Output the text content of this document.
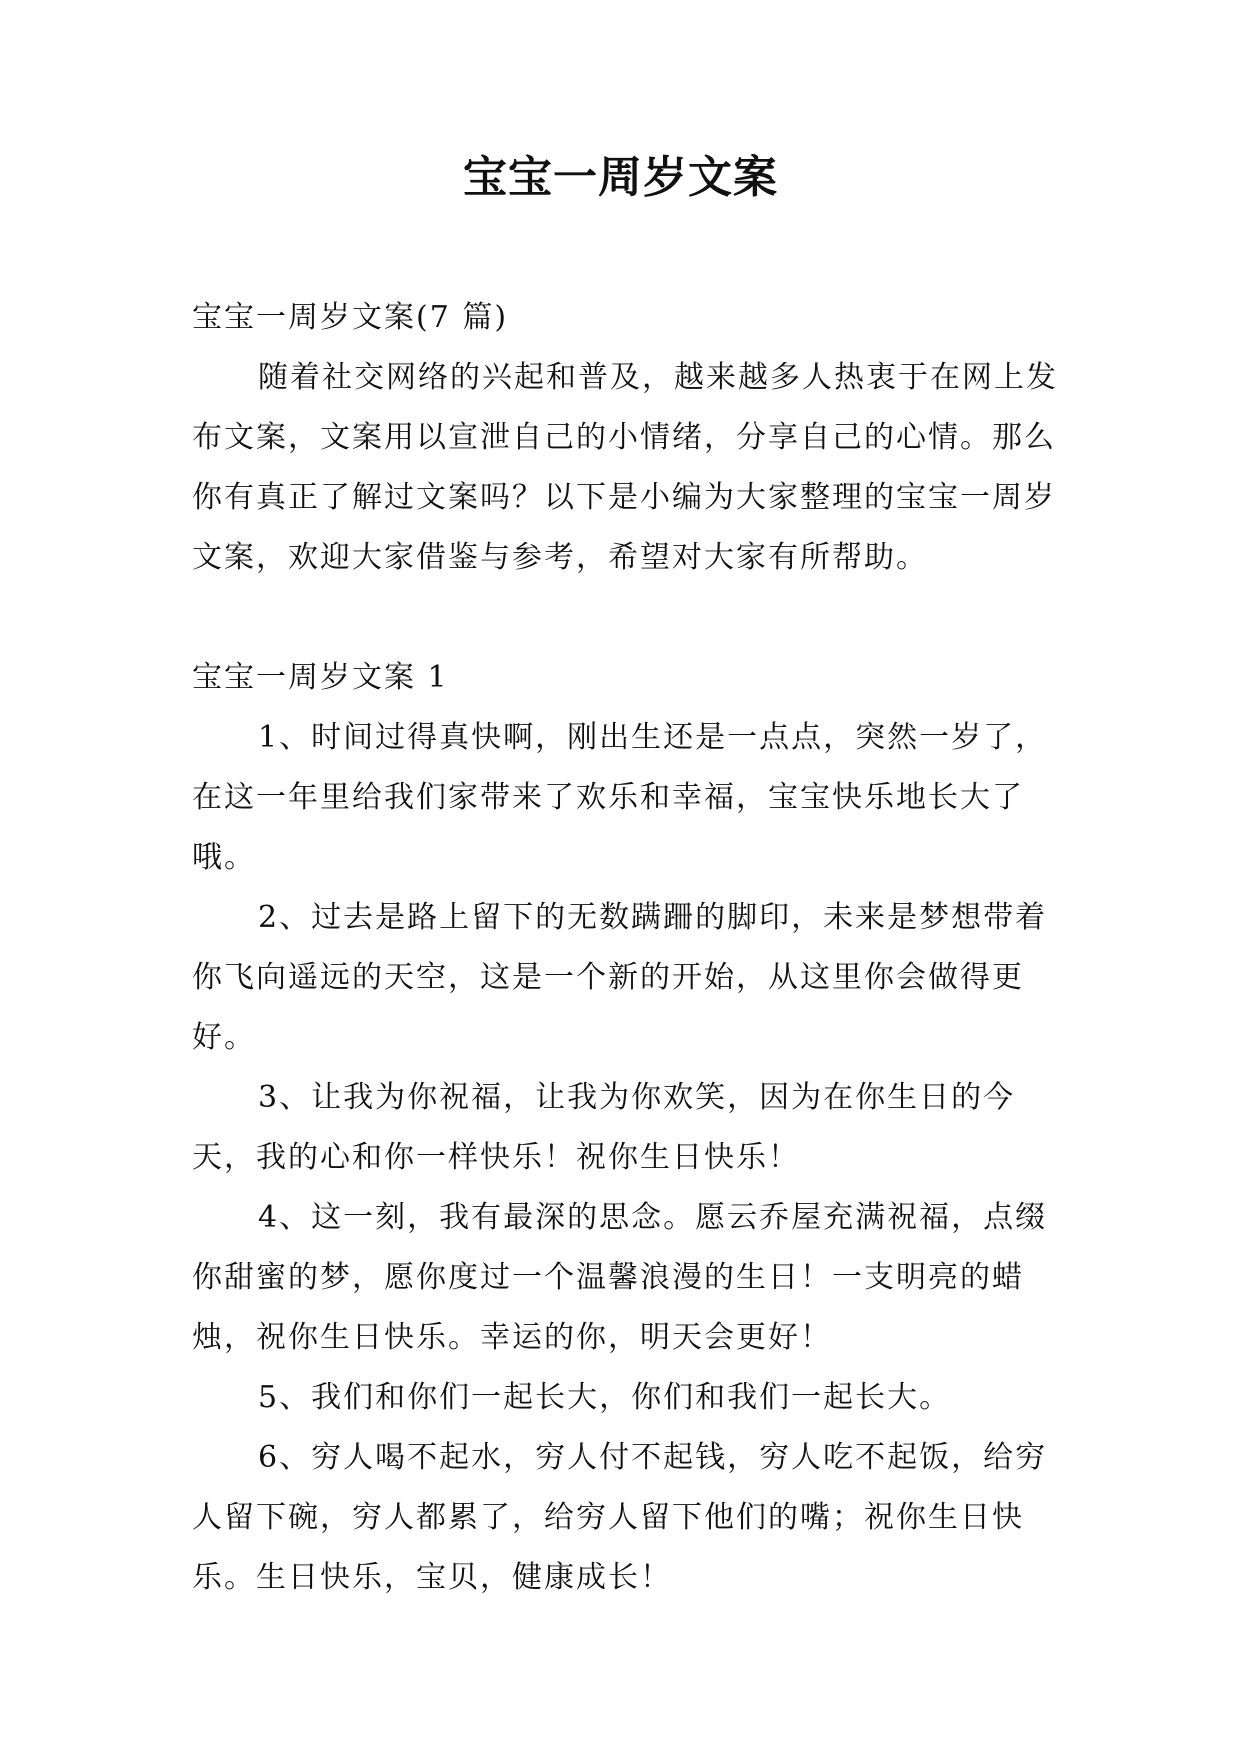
宝宝一周岁文案

宝宝一周岁文案(7 篇)

随着社交网络的兴起和普及，越来越多人热衷于在网上发布文案，文案用以宣泄自己的小情绪，分享自己的心情。那么你有真正了解过文案吗？以下是小编为大家整理的宝宝一周岁文案，欢迎大家借鉴与参考，希望对大家有所帮助。

宝宝一周岁文案 1

1、时间过得真快啊，刚出生还是一点点，突然一岁了，在这一年里给我们家带来了欢乐和幸福，宝宝快乐地长大了哦。

2、过去是路上留下的无数蹒跚的脚印，未来是梦想带着你飞向遥远的天空，这是一个新的开始，从这里你会做得更好。

3、让我为你祝福，让我为你欢笑，因为在你生日的今天，我的心和你一样快乐！祝你生日快乐！

4、这一刻，我有最深的思念。愿云乔屋充满祝福，点缀你甜蜜的梦，愿你度过一个温馨浪漫的生日！一支明亮的蜡烛，祝你生日快乐。幸运的你，明天会更好！

5、我们和你们一起长大，你们和我们一起长大。

6、穷人喝不起水，穷人付不起钱，穷人吃不起饭，给穷人留下碗，穷人都累了，给穷人留下他们的嘴；祝你生日快乐。生日快乐，宝贝，健康成长！
